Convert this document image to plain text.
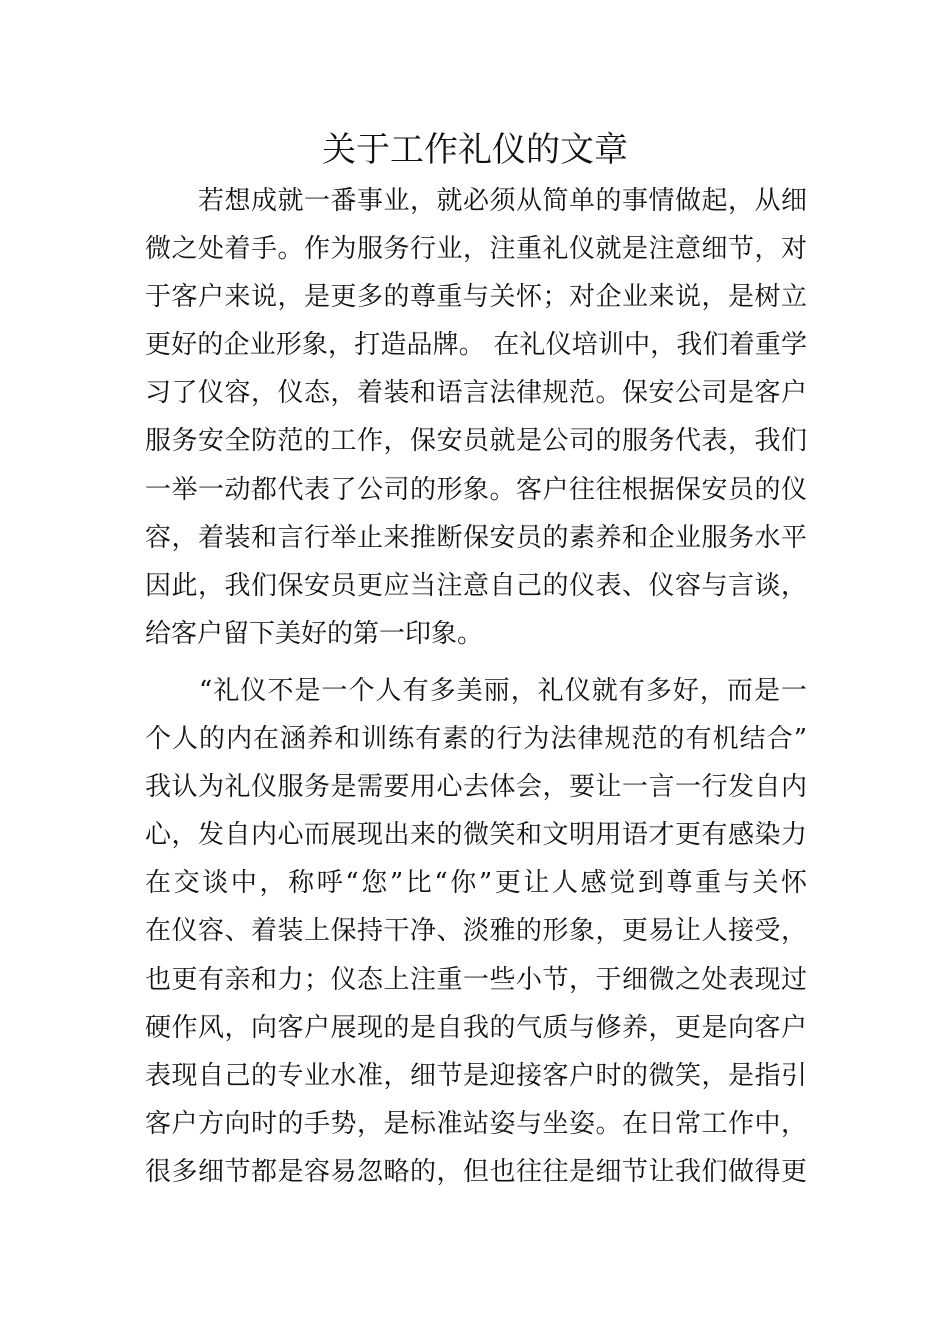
关于工作礼仪的文章
　　若想成就一番事业，就必须从简单的事情做起，从细
微之处着手。作为服务行业，注重礼仪就是注意细节，对
于客户来说，是更多的尊重与关怀；对企业来说，是树立
更好的企业形象，打造品牌。 在礼仪培训中，我们着重学
习了仪容，仪态，着装和语言法律规范。保安公司是客户
服务安全防范的工作，保安员就是公司的服务代表，我们
一举一动都代表了公司的形象。客户往往根据保安员的仪
容，着装和言行举止来推断保安员的素养和企业服务水平
因此，我们保安员更应当注意自己的仪表、仪容与言谈，
给客户留下美好的第一印象。
　　“礼仪不是一个人有多美丽，礼仪就有多好，而是一
个人的内在涵养和训练有素的行为法律规范的有机结合”
我认为礼仪服务是需要用心去体会，要让一言一行发自内
心，发自内心而展现出来的微笑和文明用语才更有感染力
在交谈中，称呼“您”比“你”更让人感觉到尊重与关怀
在仪容、着装上保持干净、淡雅的形象，更易让人接受，
也更有亲和力；仪态上注重一些小节，于细微之处表现过
硬作风，向客户展现的是自我的气质与修养，更是向客户
表现自己的专业水准，细节是迎接客户时的微笑，是指引
客户方向时的手势，是标准站姿与坐姿。在日常工作中，
很多细节都是容易忽略的，但也往往是细节让我们做得更
